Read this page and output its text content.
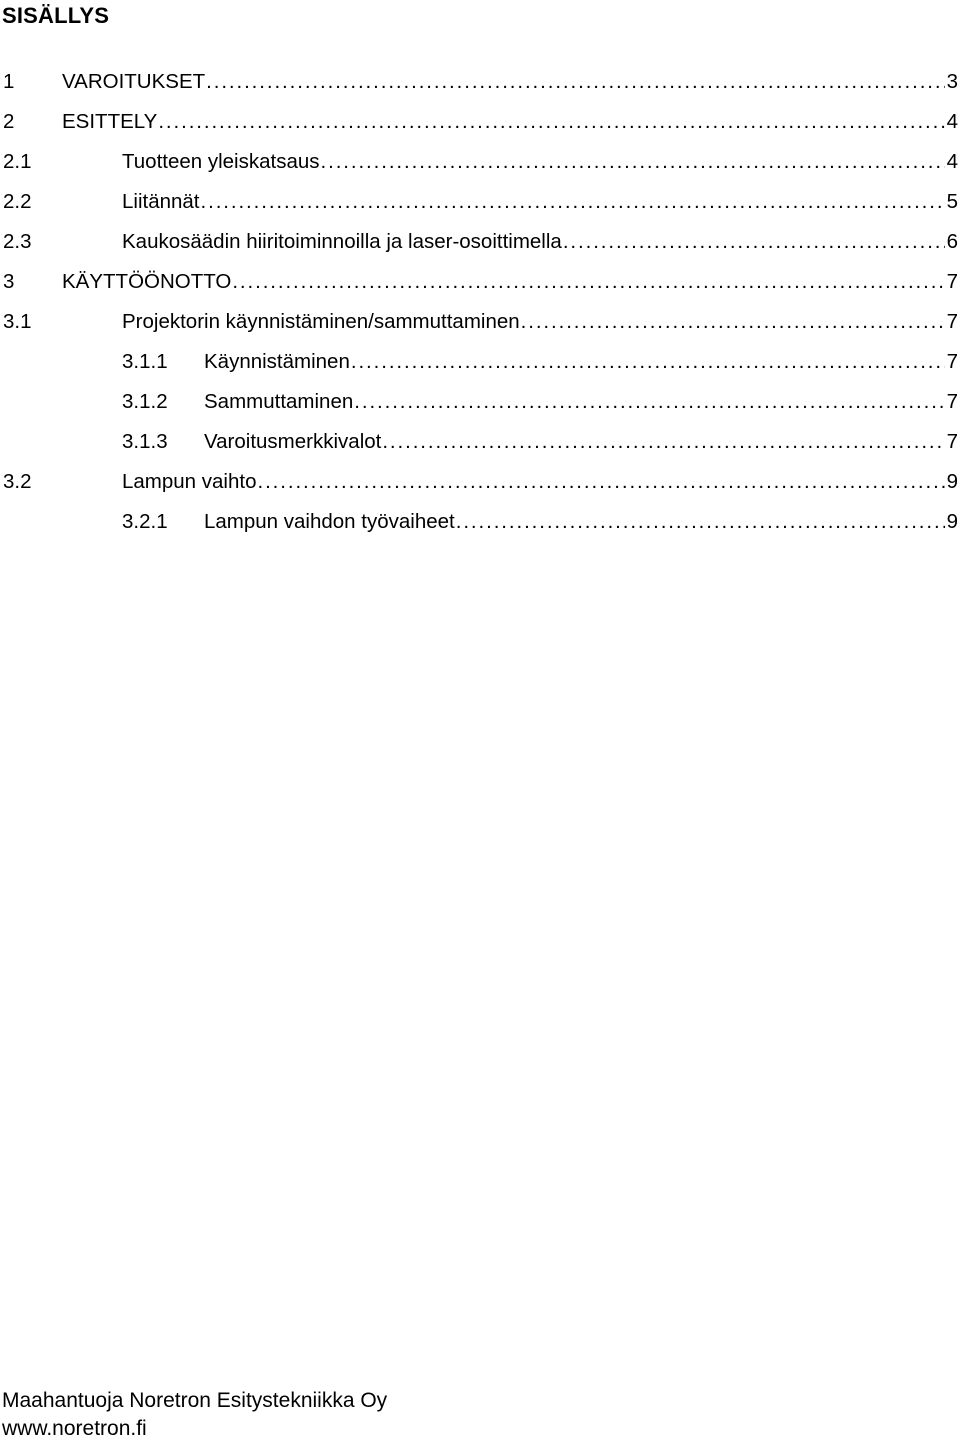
SISÄLLYS
1 VAROITUKSET . . .	3
2 ESITTELY . . .	4
2.1	Tuotteen yleiskatsaus . . .	4
2.2	Liitännät . . .	5
2.3	Kaukosäädin hiiritoiminnoilla ja laser-osoittimella . . .	6
3 KÄYTTÖÖNOTTO . . .	7
3.1	Projektorin käynnistäminen/sammuttaminen . . .	7
3.1.1 Käynnistäminen . . .	7
3.1.2 Sammuttaminen . . .	7
3.1.3 Varoitusmerkkivalot . . .	7
3.2	Lampun vaihto . . .	9
3.2.1 Lampun vaihdon työvaiheet . . .	9
Maahantuoja Noretron Esitystekniikka Oy
www.noretron.fi
